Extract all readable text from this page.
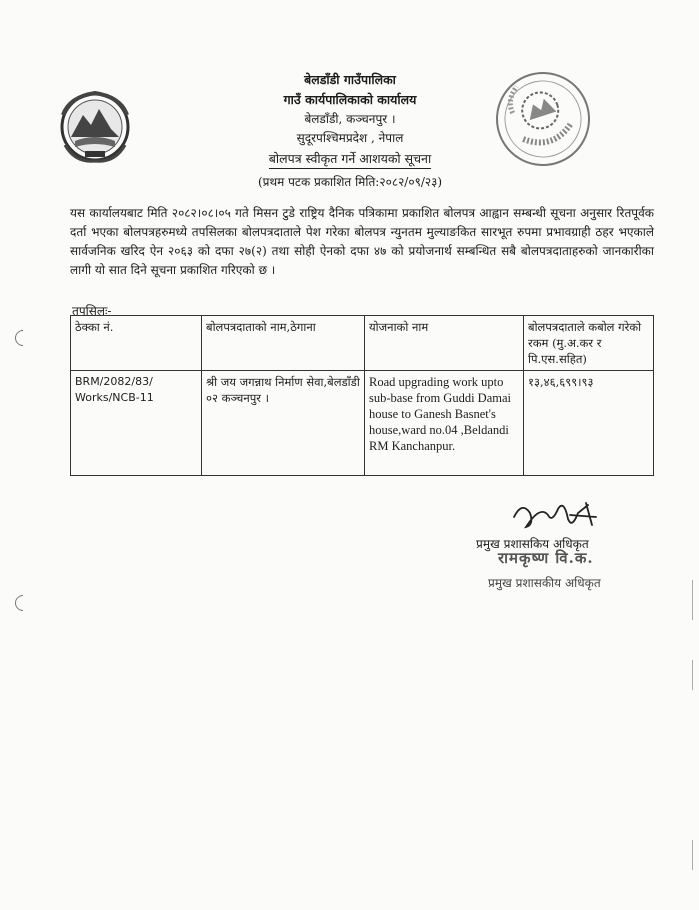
बेलडाँडी गाउँपालिका
गाउँ कार्यपालिकाको कार्यालय
बेलडाँडी, कञ्चनपुर ।
सुदूरपश्चिमप्रदेश , नेपाल
बोलपत्र स्वीकृत गर्ने आशयको सूचना
(प्रथम पटक प्रकाशित मिति:२०८२/०९/२३)
यस कार्यालयबाट मिति २०८२।०८।०५ गते मिसन टुडे राष्ट्रिय दैनिक पत्रिकामा प्रकाशित बोलपत्र आह्वान सम्बन्धी सूचना अनुसार रितपूर्वक दर्ता भएका बोलपत्रहरुमध्ये तपसिलका बोलपत्रदाताले पेश गरेका बोलपत्र न्युनतम मुल्याङकित सारभूत रुपमा प्रभावग्राही ठहर भएकाले सार्वजनिक खरिद ऐन २०६३ को दफा २७(२) तथा सोही ऐनको दफा ४७ को प्रयोजनार्थ सम्बन्धित सबै बोलपत्रदाताहरुको जानकारीका लागी यो सात दिने सूचना प्रकाशित गरिएको छ ।
तपसिलः-
ठेक्का नं.	बोलपत्रदाताको नाम,ठेगाना	योजनाको नाम	बोलपत्रदाताले कबोल गरेको रकम (मु.अ.कर र पि.एस.सहित)
BRM/2082/83/ Works/NCB-11	श्री जय जगन्नाथ निर्माण सेवा,बेलडाँडी ०२ कञ्चनपुर ।	Road upgrading work upto sub-base from Guddi Damai house to Ganesh Basnet's house,ward no.04 ,Beldandi RM Kanchanpur.	१३,४६,६९९।९३
प्रमुख प्रशासकिय अधिकृत
रामकृष्ण वि.क.
प्रमुख प्रशासकीय अधिकृत
